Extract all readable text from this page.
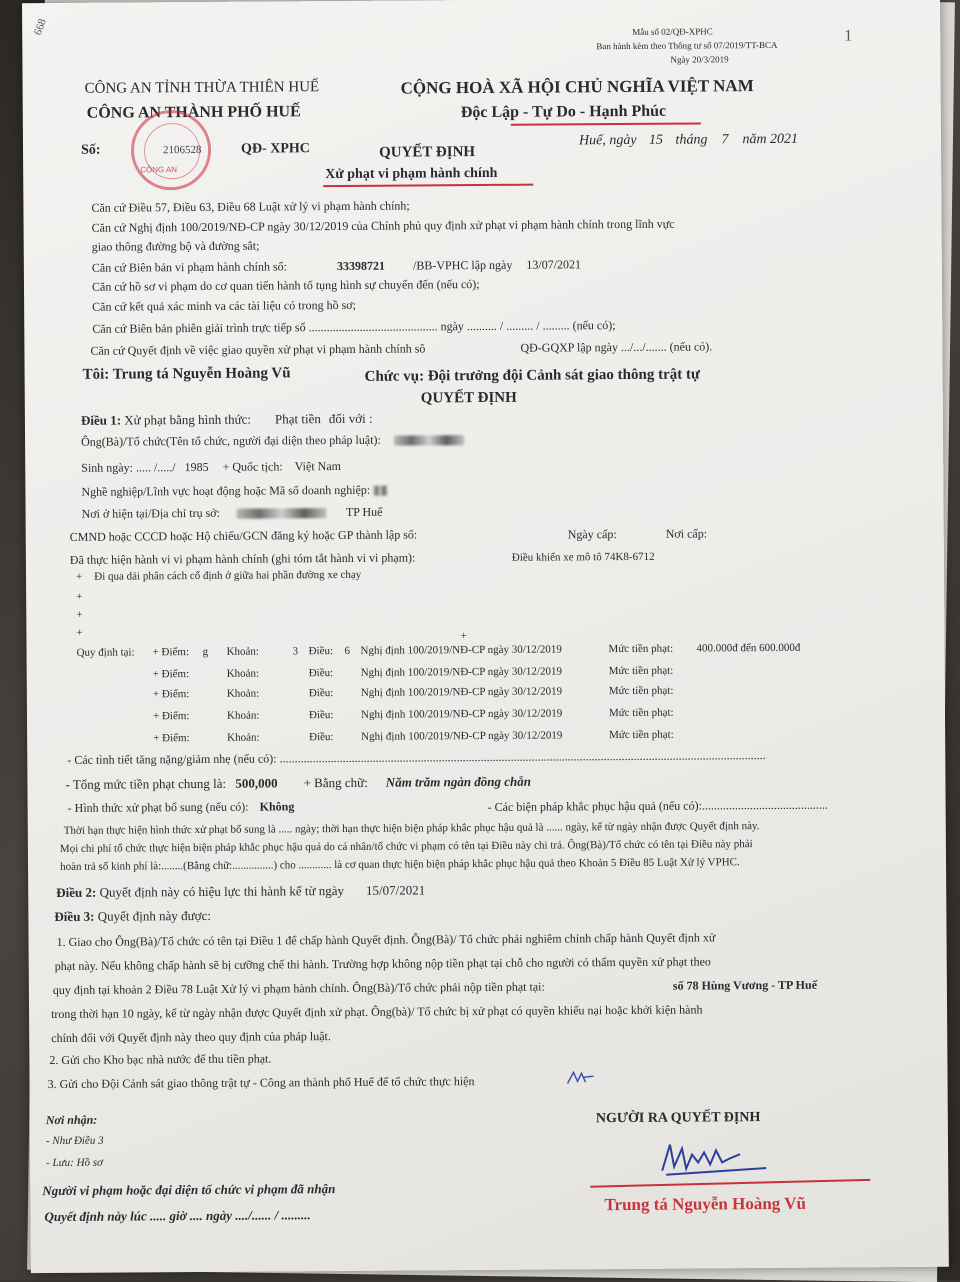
668	1
Mẫu số 02/QĐ-XPHC
Ban hành kèm theo Thông tư số 07/2019/TT-BCA
Ngày 20/3/2019
CÔNG AN TỈNH THỪA THIÊN HUẾ
CÔNG AN THÀNH PHỐ HUẾ
CÔNG AN
Số:	2106528	QĐ- XPHC
CỘNG HOÀ XÃ HỘI CHỦ NGHĨA VIỆT NAM
Độc Lập - Tự Do - Hạnh Phúc
Huế, ngày 15 tháng 7 năm 2021
QUYẾT ĐỊNH
Xử phạt vi phạm hành chính
Căn cứ Điều 57, Điều 63, Điều 68 Luật xử lý vi phạm hành chính;
Căn cứ Nghị định 100/2019/NĐ-CP ngày 30/12/2019 của Chính phủ quy định xử phạt vi phạm hành chính trong lĩnh vực
giao thông đường bộ và đường sắt;
Căn cứ Biên bản vi phạm hành chính số:	33398721 /BB-VPHC lập ngày 13/07/2021
Căn cứ hồ sơ vi phạm do cơ quan tiến hành tố tụng hình sự chuyển đến (nếu có);
Căn cứ kết quả xác minh va các tài liệu có trong hồ sơ;
Căn cứ Biên bản phiên giải trình trực tiếp số ........................................... ngày .......... / ......... / ......... (nếu có);
Căn cứ Quyết định về việc giao quyền xử phạt vi phạm hành chính sô	QĐ-GQXP lập ngày .../.../....... (nếu có).
Tôi: Trung tá Nguyễn Hoàng Vũ	Chức vụ: Đội trưởng đội Cảnh sát giao thông trật tự
QUYẾT ĐỊNH
Điều 1: Xử phạt bằng hình thức: Phạt tiền đối với :
Ông(Bà)/Tổ chức(Tên tổ chức, người đại diện theo pháp luật):
Sinh ngày: ..... /...../ 1985 + Quốc tịch: Việt Nam
Nghề nghiệp/Lĩnh vực hoạt động hoặc Mã số doanh nghiệp:
Nơi ở hiện tại/Địa chỉ trụ sở:	TP Huế
CMND hoặc CCCD hoặc Hộ chiếu/GCN đăng ký hoặc GP thành lập số:	Ngày cấp:	Nơi cấp:
Đã thực hiện hành vi vi phạm hành chính (ghi tóm tắt hành vi vi phạm):	Điều khiển xe mô tô 74K8-6712
+ Đi qua dải phân cách cố định ở giữa hai phần đường xe chạy
+
+
+	+
Quy định tại: + Điểm: g Khoản:	3 Điều: 6 Nghị định 100/2019/NĐ-CP ngày 30/12/2019	Mức tiền phạt: 400.000đ đến 600.000đ
+ Điểm:	Khoản:	Điều: Nghị định 100/2019/NĐ-CP ngày 30/12/2019	Mức tiền phạt:
+ Điểm:	Khoản:	Điều: Nghị định 100/2019/NĐ-CP ngày 30/12/2019	Mức tiền phạt:
+ Điểm:	Khoản:	Điều: Nghị định 100/2019/NĐ-CP ngày 30/12/2019	Mức tiền phạt:
+ Điểm:	Khoản:	Điều: Nghị định 100/2019/NĐ-CP ngày 30/12/2019	Mức tiền phạt:
- Các tình tiết tăng nặng/giảm nhẹ (nếu có): ..................................................................................................................................................................
- Tổng mức tiền phạt chung là: 500,000 + Bằng chữ: Năm trăm ngàn đồng chẵn
- Hình thức xử phạt bổ sung (nếu có): Không	- Các biện pháp khắc phục hậu quả (nếu có):..........................................
Thời hạn thực hiện hình thức xử phạt bổ sung là ..... ngày; thời hạn thực hiện biện pháp khắc phục hậu quả là ...... ngày, kể từ ngày nhận được Quyết định này.
Mọi chi phí tổ chức thực hiện biện pháp khắc phục hậu quả do cá nhân/tổ chức vi phạm có tên tại Điều này chi trả. Ông(Bà)/Tổ chức có tên tại Điều này phải
hoàn trả số kinh phí là:........(Bằng chữ:...............) cho ............ là cơ quan thực hiện biện pháp khắc phục hậu quả theo Khoản 5 Điều 85 Luật Xử lý VPHC.
Điều 2: Quyết định này có hiệu lực thi hành kể từ ngày 15/07/2021
Điều 3: Quyết định này được:
1. Giao cho Ông(Bà)/Tổ chức có tên tại Điều 1 để chấp hành Quyết định. Ông(Bà)/ Tổ chức phải nghiêm chỉnh chấp hành Quyết định xử
phạt này. Nếu không chấp hành sẽ bị cưỡng chế thi hành. Trường hợp không nộp tiền phạt tại chỗ cho người có thẩm quyền xử phạt theo
quy định tại khoản 2 Điều 78 Luật Xử lý vi phạm hành chính. Ông(Bà)/Tổ chức phải nộp tiền phạt tại:	số 78 Hùng Vương - TP Huế
trong thời hạn 10 ngày, kể từ ngày nhận được Quyết định xử phạt. Ông(bà)/ Tổ chức bị xử phạt có quyền khiếu nại hoặc khởi kiện hành
chính đối với Quyết định này theo quy định của pháp luật.
2. Gửi cho Kho bạc nhà nước để thu tiền phạt.
3. Gửi cho Đội Cảnh sát giao thông trật tự - Công an thành phố Huế để tổ chức thực hiện
Nơi nhận:
- Như Điều 3
- Lưu: Hồ sơ
Người vi phạm hoặc đại diện tổ chức vi phạm đã nhận
Quyết định này lúc ..... giờ .... ngày ..../...... / .........
NGƯỜI RA QUYẾT ĐỊNH
Trung tá Nguyễn Hoàng Vũ
